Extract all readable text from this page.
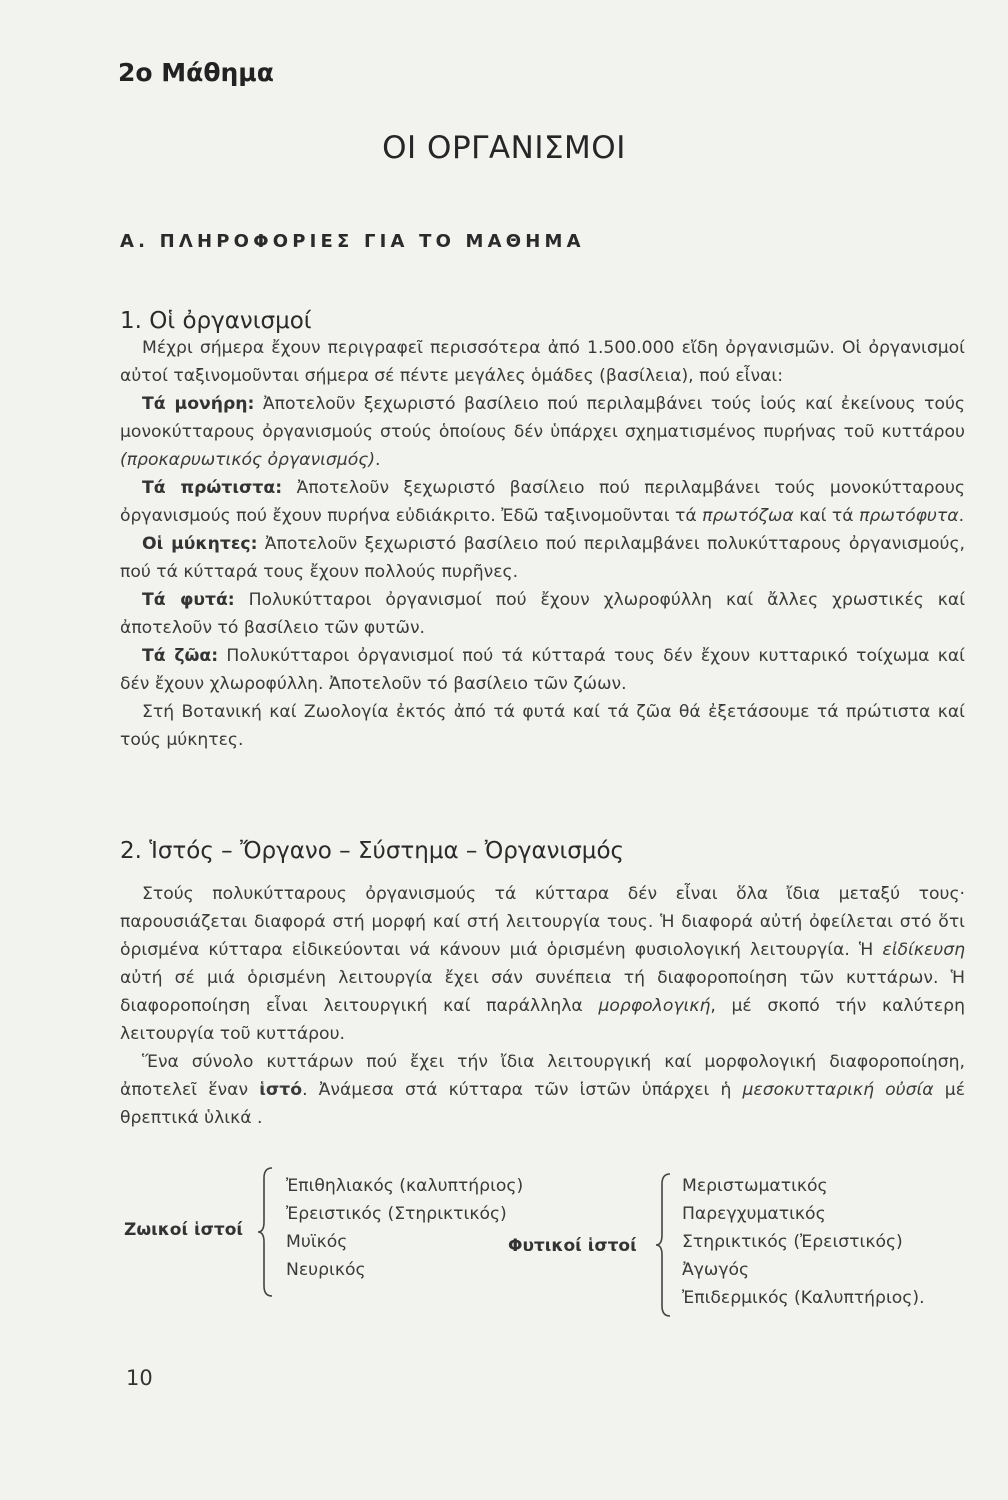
2ο Μάθημα
ΟΙ ΟΡΓΑΝΙΣΜΟΙ
Α. ΠΛΗΡΟΦΟΡΙΕΣ ΓΙΑ ΤΟ ΜΑΘΗΜΑ
1. Οἱ ὀργανισμοί

Μέχρι σήμερα ἔχουν περιγραφεῖ περισσότερα ἀπό 1.500.000 εἴδη ὀργανισμῶν. Οἱ ὀργανισμοί αὐτοί ταξινομοῦνται σήμερα σέ πέντε μεγάλες ὁμάδες (βασίλεια), πού εἶναι:

Τά μονήρη: Ἀποτελοῦν ξεχωριστό βασίλειο πού περιλαμβάνει τούς ἰούς καί ἐκείνους τούς μονοκύτταρους ὀργανισμούς στούς ὁποίους δέν ὑπάρχει σχηματισμένος πυρήνας τοῦ κυττάρου (προκαρυωτικός ὀργανισμός).

Τά πρώτιστα: Ἀποτελοῦν ξεχωριστό βασίλειο πού περιλαμβάνει τούς μονοκύτταρους ὀργανισμούς πού ἔχουν πυρήνα εὐδιάκριτο. Ἐδῶ ταξινομοῦνται τά πρωτόζωα καί τά πρωτόφυτα.

Οἱ μύκητες: Ἀποτελοῦν ξεχωριστό βασίλειο πού περιλαμβάνει πολυκύτταρους ὀργανισμούς, πού τά κύτταρά τους ἔχουν πολλούς πυρῆνες.

Τά φυτά: Πολυκύτταροι ὀργανισμοί πού ἔχουν χλωροφύλλη καί ἄλλες χρωστικές καί ἀποτελοῦν τό βασίλειο τῶν φυτῶν.

Τά ζῶα: Πολυκύτταροι ὀργανισμοί πού τά κύτταρά τους δέν ἔχουν κυτταρικό τοίχωμα καί δέν ἔχουν χλωροφύλλη. Ἀποτελοῦν τό βασίλειο τῶν ζώων.

Στή Βοτανική καί Ζωολογία ἐκτός ἀπό τά φυτά καί τά ζῶα θά ἐξετάσουμε τά πρώτιστα καί τούς μύκητες.

2. Ἱστός – Ὄργανο – Σύστημα – Ὀργανισμός

Στούς πολυκύτταρους ὀργανισμούς τά κύτταρα δέν εἶναι ὅλα ἴδια μεταξύ τους· παρουσιάζεται διαφορά στή μορφή καί στή λειτουργία τους. Ἡ διαφορά αὐτή ὀφείλεται στό ὅτι ὁρισμένα κύτταρα εἰδικεύονται νά κάνουν μιά ὁρισμένη φυσιολογική λειτουργία. Ἡ εἰδίκευση αὐτή σέ μιά ὁρισμένη λειτουργία ἔχει σάν συνέπεια τή διαφοροποίηση τῶν κυττάρων. Ἡ διαφοροποίηση εἶναι λειτουργική καί παράλληλα μορφολογική, μέ σκοπό τήν καλύτερη λειτουργία τοῦ κυττάρου.

Ἕνα σύνολο κυττάρων πού ἔχει τήν ἴδια λειτουργική καί μορφολογική διαφοροποίηση, ἀποτελεῖ ἕναν ἱστό. Ἀνάμεσα στά κύτταρα τῶν ἱστῶν ὑπάρχει ἡ μεσοκυτταρική οὐσία μέ θρεπτικά ὑλικά .

Ζωικοί ἱστοί
Ἐπιθηλιακός (καλυπτήριος)
Ἐρειστικός (Στηρικτικός)
Μυϊκός
Νευρικός
Φυτικοί ἱστοί
Μεριστωματικός
Παρεγχυματικός
Στηρικτικός (Ἐρειστικός)
Ἀγωγός
Ἐπιδερμικός (Καλυπτήριος).
10
